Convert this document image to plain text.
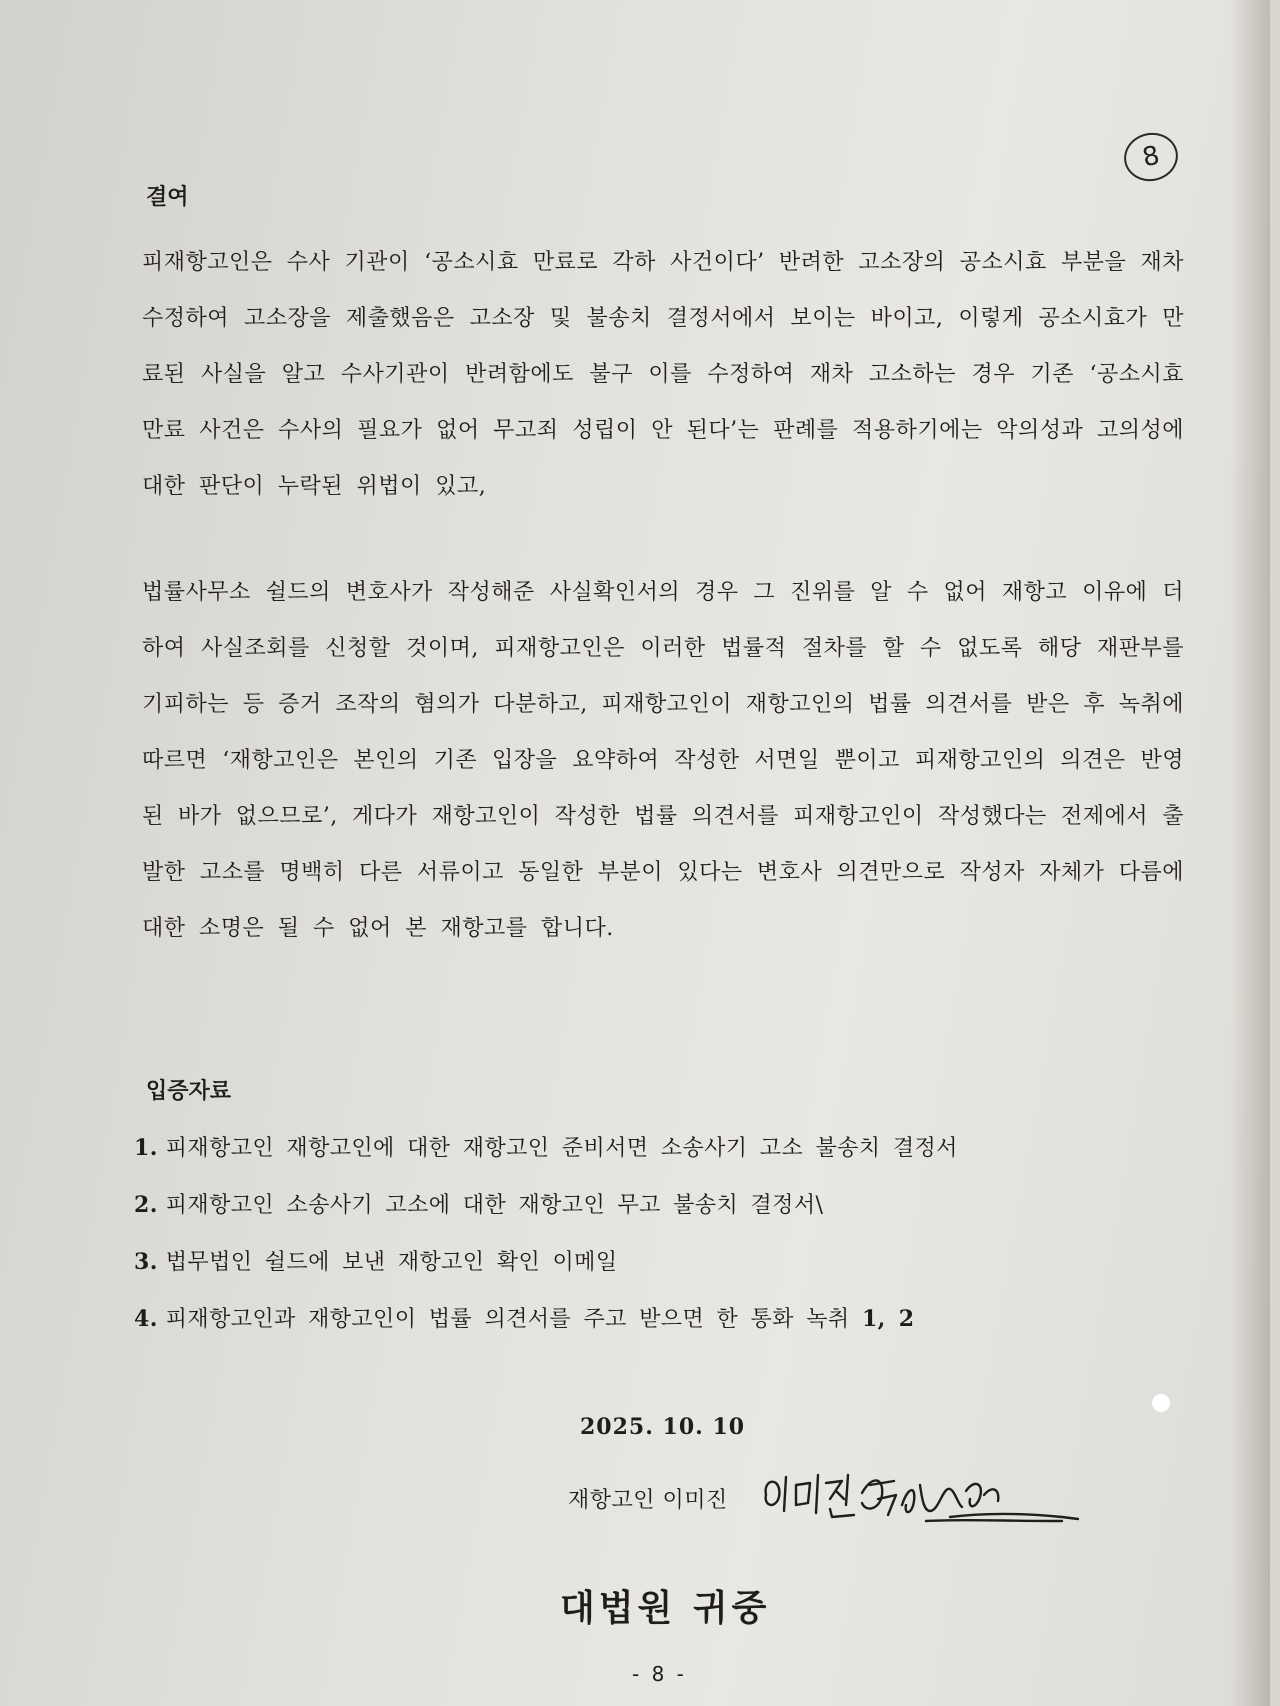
8
결여

피재항고인은 수사 기관이 ‘공소시효 만료로 각하 사건이다’ 반려한 고소장의 공소시효 부분을 재차 수정하여 고소장을 제출했음은 고소장 및 불송치 결정서에서 보이는 바이고, 이렇게 공소시효가 만료된 사실을 알고 수사기관이 반려함에도 불구 이를 수정하여 재차 고소하는 경우 기존 ‘공소시효 만료 사건은 수사의 필요가 없어 무고죄 성립이 안 된다’는 판례를 적용하기에는 악의성과 고의성에 대한 판단이 누락된 위법이 있고,

법률사무소 쉴드의 변호사가 작성해준 사실확인서의 경우 그 진위를 알 수 없어 재항고 이유에 더하여 사실조회를 신청할 것이며, 피재항고인은 이러한 법률적 절차를 할 수 없도록 해당 재판부를 기피하는 등 증거 조작의 혐의가 다분하고, 피재항고인이 재항고인의 법률 의견서를 받은 후 녹취에 따르면 ‘재항고인은 본인의 기존 입장을 요약하여 작성한 서면일 뿐이고 피재항고인의 의견은 반영된 바가 없으므로’, 게다가 재항고인이 작성한 법률 의견서를 피재항고인이 작성했다는 전제에서 출발한 고소를 명백히 다른 서류이고 동일한 부분이 있다는 변호사 의견만으로 작성자 자체가 다름에 대한 소명은 될 수 없어 본 재항고를 합니다.

입증자료
1. 피재항고인 재항고인에 대한 재항고인 준비서면 소송사기 고소 불송치 결정서
2. 피재항고인 소송사기 고소에 대한 재항고인 무고 불송치 결정서\
3. 법무법인 쉴드에 보낸 재항고인 확인 이메일
4. 피재항고인과 재항고인이 법률 의견서를 주고 받으면 한 통화 녹취 1, 2
2025. 10. 10
재항고인 이미진
대법원 귀중
- 8 -
